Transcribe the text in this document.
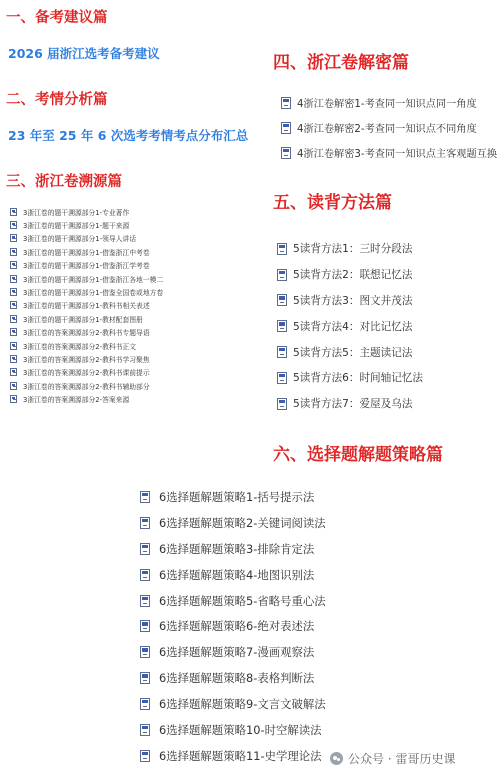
一、备考建议篇
2026 届浙江选考备考建议
二、考情分析篇
23 年至 25 年 6 次选考考情考点分布汇总
三、浙江卷溯源篇
3浙江卷的题干溯源部分1-专业著作
3浙江卷的题干溯源部分1-题干来源
3浙江卷的题干溯源部分1-领导人讲话
3浙江卷的题干溯源部分1-借鉴浙江中考卷
3浙江卷的题干溯源部分1-借鉴浙江学考卷
3浙江卷的题干溯源部分1-借鉴浙江各地一模二
3浙江卷的题干溯源部分1-借鉴全国卷或地方卷
3浙江卷的题干溯源部分1-教科书相关表述
3浙江卷的题干溯源部分1-教材配套图册
3浙江卷的答案溯源部分2-教科书专题导语
3浙江卷的答案溯源部分2-教科书正文
3浙江卷的答案溯源部分2-教科书学习聚焦
3浙江卷的答案溯源部分2-教科书课前提示
3浙江卷的答案溯源部分2-教科书辅助部分
3浙江卷的答案溯源部分2-答案来源
四、浙江卷解密篇
4浙江卷解密1-考查同一知识点同一角度
4浙江卷解密2-考查同一知识点不同角度
4浙江卷解密3-考查同一知识点主客观题互换
五、读背方法篇
5读背方法1：三时分段法
5读背方法2：联想记忆法
5读背方法3：图文并茂法
5读背方法4：对比记忆法
5读背方法5：主题读记法
5读背方法6：时间轴记忆法
5读背方法7：爱屋及乌法
六、选择题解题策略篇
6选择题解题策略1-括号提示法
6选择题解题策略2-关键词阅读法
6选择题解题策略3-排除肯定法
6选择题解题策略4-地图识别法
6选择题解题策略5-省略号重心法
6选择题解题策略6-绝对表述法
6选择题解题策略7-漫画观察法
6选择题解题策略8-表格判断法
6选择题解题策略9-文言文破解法
6选择题解题策略10-时空解读法
6选择题解题策略11-史学理论法 公众号 · 雷哥历史课
